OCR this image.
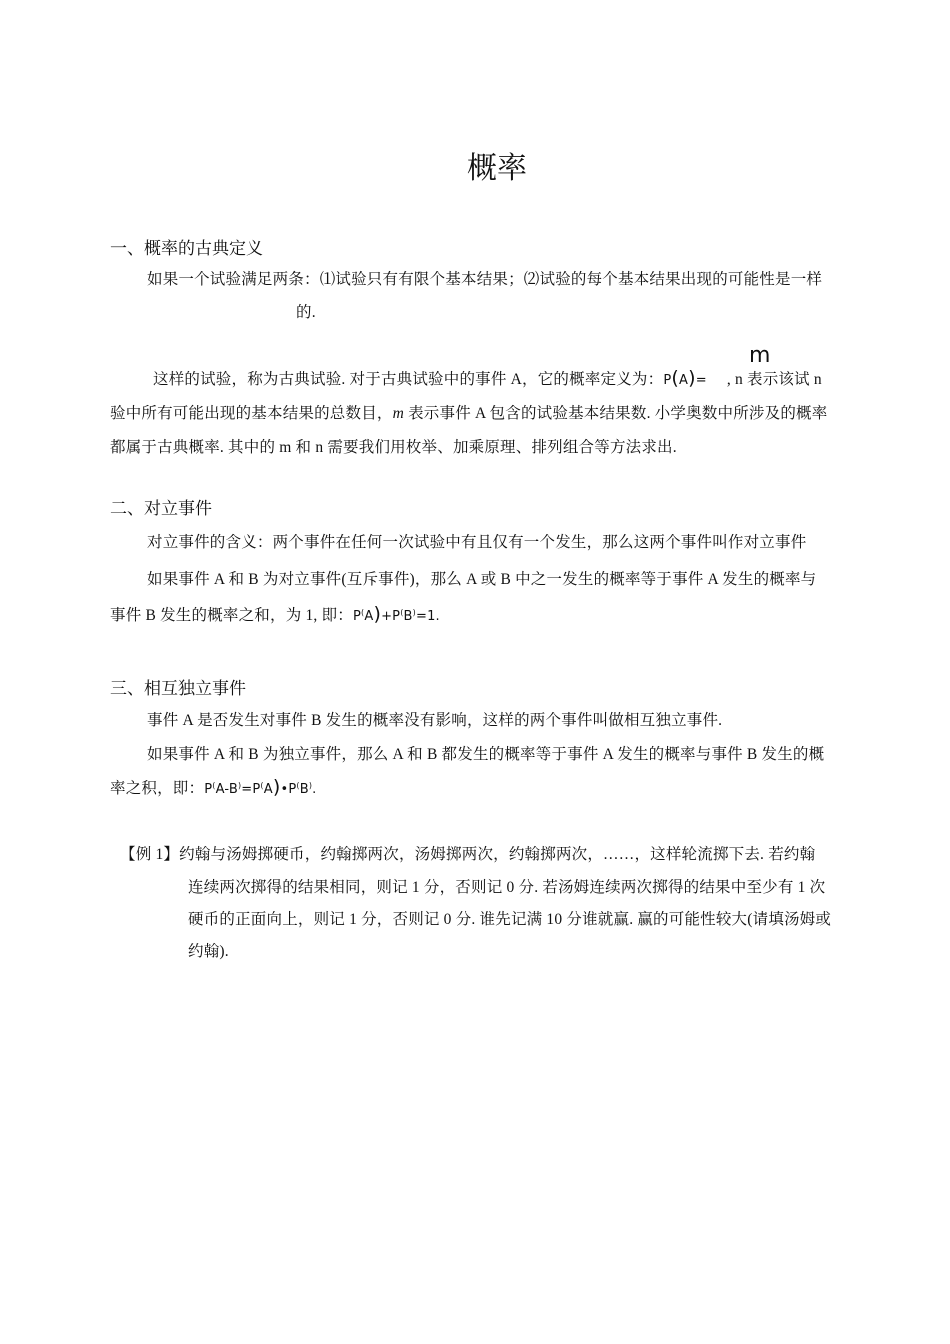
概率
一、概率的古典定义
如果一个试验满足两条：⑴试验只有有限个基本结果；⑵试验的每个基本结果出现的可能性是一样
的.
m
这样的试验，称为古典试验. 对于古典试验中的事件 A，它的概率定义为：P(A)= , n 表示该试 n
验中所有可能出现的基本结果的总数目，m 表示事件 A 包含的试验基本结果数. 小学奥数中所涉及的概率
都属于古典概率. 其中的 m 和 n 需要我们用枚举、加乘原理、排列组合等方法求出.
二、对立事件
对立事件的含义：两个事件在任何一次试验中有且仅有一个发生，那么这两个事件叫作对立事件
如果事件 A 和 B 为对立事件(互斥事件)，那么 A 或 B 中之一发生的概率等于事件 A 发生的概率与
事件 B 发生的概率之和，为 1, 即：P(A)+P(B)=1.
三、相互独立事件
事件 A 是否发生对事件 B 发生的概率没有影响，这样的两个事件叫做相互独立事件.
如果事件 A 和 B 为独立事件，那么 A 和 B 都发生的概率等于事件 A 发生的概率与事件 B 发生的概
率之积，即：P(A-B)=P(A)•P(B).
【例 1】约翰与汤姆掷硬币，约翰掷两次，汤姆掷两次，约翰掷两次，……，这样轮流掷下去. 若约翰
连续两次掷得的结果相同，则记 1 分，否则记 0 分. 若汤姆连续两次掷得的结果中至少有 1 次
硬币的正面向上，则记 1 分，否则记 0 分. 谁先记满 10 分谁就赢. 赢的可能性较大(请填汤姆或
约翰).
